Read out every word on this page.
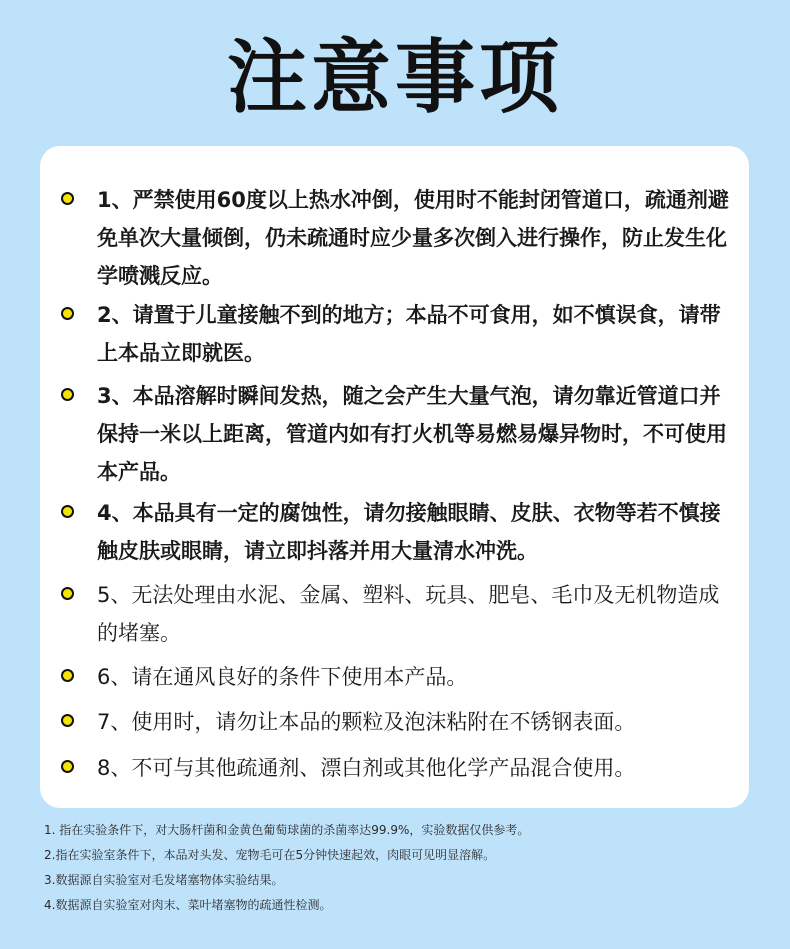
注意事项
1、严禁使用60度以上热水冲倒，使用时不能封闭管道口，疏通剂避免单次大量倾倒，仍未疏通时应少量多次倒入进行操作，防止发生化学喷溅反应。
2、请置于儿童接触不到的地方；本品不可食用，如不慎误食，请带上本品立即就医。
3、本品溶解时瞬间发热，随之会产生大量气泡，请勿靠近管道口并保持一米以上距离，管道内如有打火机等易燃易爆异物时，不可使用本产品。
4、本品具有一定的腐蚀性，请勿接触眼睛、皮肤、衣物等若不慎接触皮肤或眼睛，请立即抖落并用大量清水冲洗。
5、无法处理由水泥、金属、塑料、玩具、肥皂、毛巾及无机物造成的堵塞。
6、请在通风良好的条件下使用本产品。
7、使用时，请勿让本品的颗粒及泡沫粘附在不锈钢表面。
8、不可与其他疏通剂、漂白剂或其他化学产品混合使用。
1. 指在实验条件下，对大肠杆菌和金黄色葡萄球菌的杀菌率达99.9%，实验数据仅供参考。
2.指在实验室条件下，本品对头发、宠物毛可在5分钟快速起效，肉眼可见明显溶解。
3.数据源自实验室对毛发堵塞物体实验结果。
4.数据源自实验室对肉末、菜叶堵塞物的疏通性检测。
